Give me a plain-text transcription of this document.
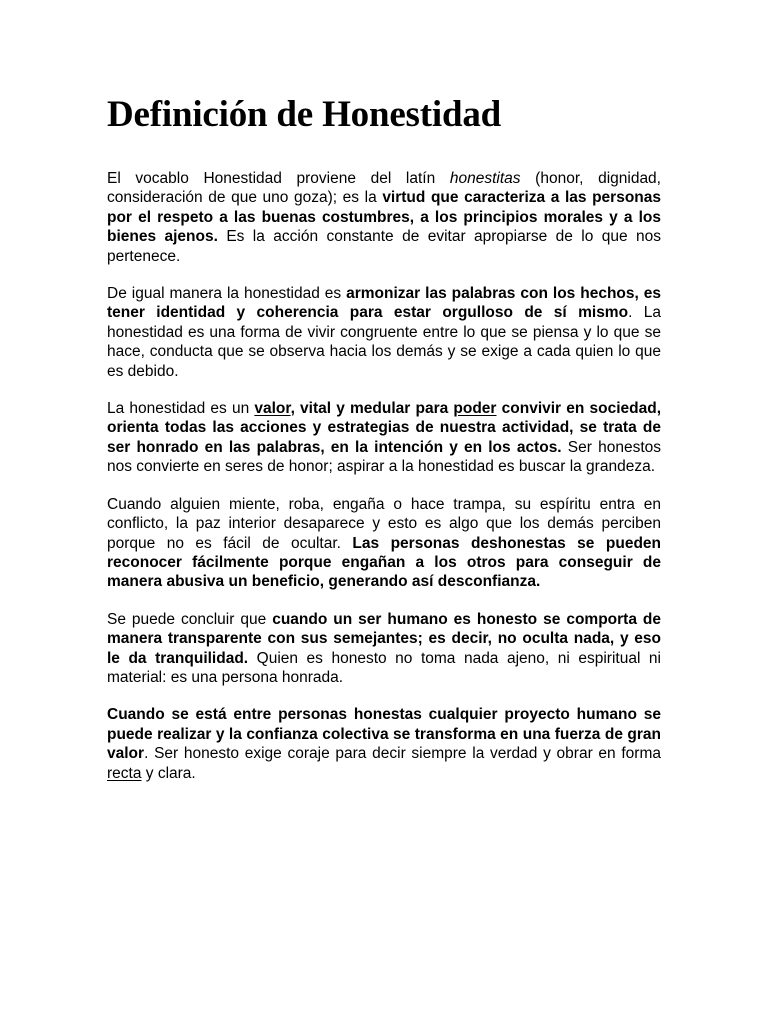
Definición de Honestidad

El vocablo Honestidad proviene del latín honestitas (honor, dignidad, consideración de que uno goza); es la virtud que caracteriza a las personas por el respeto a las buenas costumbres, a los principios morales y a los bienes ajenos. Es la acción constante de evitar apropiarse de lo que nos pertenece.

De igual manera la honestidad es armonizar las palabras con los hechos, es tener identidad y coherencia para estar orgulloso de sí mismo. La honestidad es una forma de vivir congruente entre lo que se piensa y lo que se hace, conducta que se observa hacia los demás y se exige a cada quien lo que es debido.

La honestidad es un valor, vital y medular para poder convivir en sociedad, orienta todas las acciones y estrategias de nuestra actividad, se trata de ser honrado en las palabras, en la intención y en los actos. Ser honestos nos convierte en seres de honor; aspirar a la honestidad es buscar la grandeza.

Cuando alguien miente, roba, engaña o hace trampa, su espíritu entra en conflicto, la paz interior desaparece y esto es algo que los demás perciben porque no es fácil de ocultar. Las personas deshonestas se pueden reconocer fácilmente porque engañan a los otros para conseguir de manera abusiva un beneficio, generando así desconfianza.

Se puede concluir que cuando un ser humano es honesto se comporta de manera transparente con sus semejantes; es decir, no oculta nada, y eso le da tranquilidad. Quien es honesto no toma nada ajeno, ni espiritual ni material: es una persona honrada.

Cuando se está entre personas honestas cualquier proyecto humano se puede realizar y la confianza colectiva se transforma en una fuerza de gran valor. Ser honesto exige coraje para decir siempre la verdad y obrar en forma recta y clara.
